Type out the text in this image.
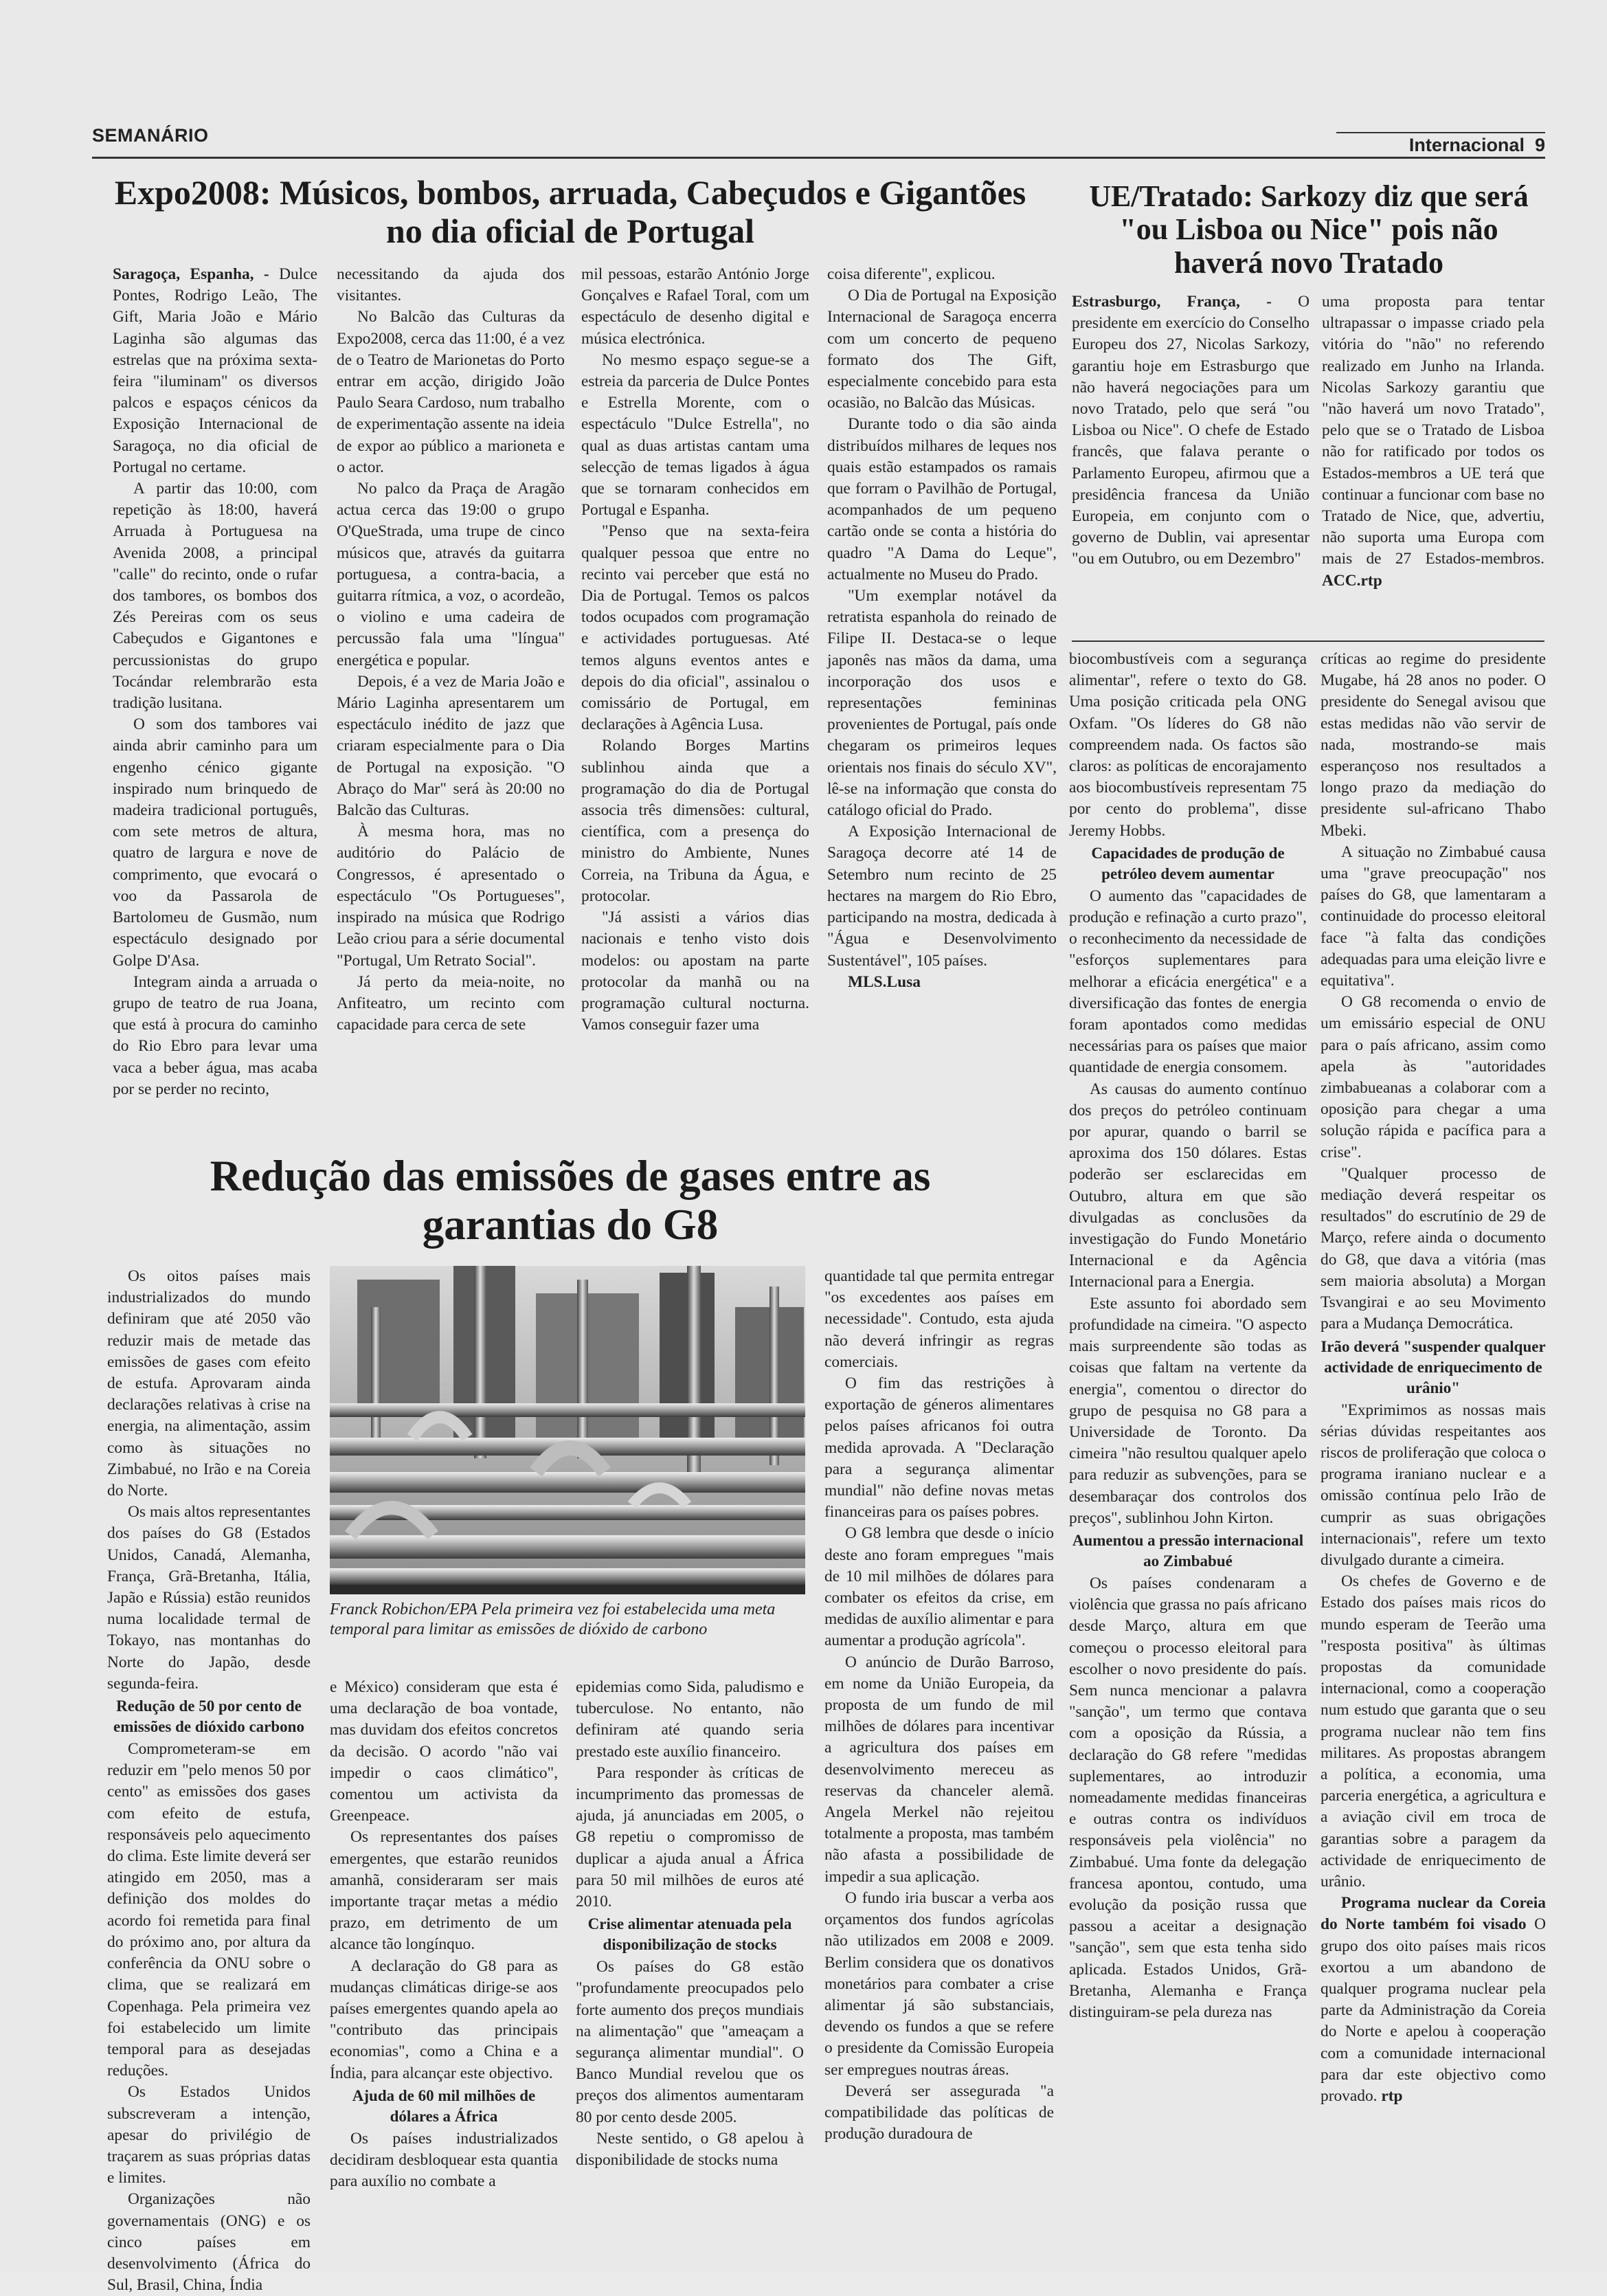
SEMANÁRIO	Internacional 9
Expo2008: Músicos, bombos, arruada, Cabeçudos e Gigantões
no dia oficial de Portugal
UE/Tratado: Sarkozy diz que será
"ou Lisboa ou Nice" pois não
haverá novo Tratado

Saragoça, Espanha, - Dulce Pontes, Rodrigo Leão, The Gift, Maria João e Mário Laginha são algumas das estrelas que na próxima sexta-feira "iluminam" os diversos palcos e espaços cénicos da Exposição Internacional de Saragoça, no dia oficial de Portugal no certame.

A partir das 10:00, com repetição às 18:00, haverá Arruada à Portuguesa na Avenida 2008, a principal "calle" do recinto, onde o rufar dos tambores, os bombos dos Zés Pereiras com os seus Cabeçudos e Gigantones e percussionistas do grupo Tocándar relembrarão esta tradição lusitana.

O som dos tambores vai ainda abrir caminho para um engenho cénico gigante inspirado num brinquedo de madeira tradicional português, com sete metros de altura, quatro de largura e nove de comprimento, que evocará o voo da Passarola de Bartolomeu de Gusmão, num espectáculo designado por Golpe D'Asa.

Integram ainda a arruada o grupo de teatro de rua Joana, que está à procura do caminho do Rio Ebro para levar uma vaca a beber água, mas acaba por se perder no recinto,

necessitando da ajuda dos visitantes.

No Balcão das Culturas da Expo2008, cerca das 11:00, é a vez de o Teatro de Marionetas do Porto entrar em acção, dirigido João Paulo Seara Cardoso, num trabalho de experimentação assente na ideia de expor ao público a marioneta e o actor.

No palco da Praça de Aragão actua cerca das 19:00 o grupo O'QueStrada, uma trupe de cinco músicos que, através da guitarra portuguesa, a contra-bacia, a guitarra rítmica, a voz, o acordeão, o violino e uma cadeira de percussão fala uma "língua" energética e popular.

Depois, é a vez de Maria João e Mário Laginha apresentarem um espectáculo inédito de jazz que criaram especialmente para o Dia de Portugal na exposição. "O Abraço do Mar" será às 20:00 no Balcão das Culturas.

À mesma hora, mas no auditório do Palácio de Congressos, é apresentado o espectáculo "Os Portugueses", inspirado na música que Rodrigo Leão criou para a série documental "Portugal, Um Retrato Social".

Já perto da meia-noite, no Anfiteatro, um recinto com capacidade para cerca de sete

mil pessoas, estarão António Jorge Gonçalves e Rafael Toral, com um espectáculo de desenho digital e música electrónica.

No mesmo espaço segue-se a estreia da parceria de Dulce Pontes e Estrella Morente, com o espectáculo "Dulce Estrella", no qual as duas artistas cantam uma selecção de temas ligados à água que se tornaram conhecidos em Portugal e Espanha.

"Penso que na sexta-feira qualquer pessoa que entre no recinto vai perceber que está no Dia de Portugal. Temos os palcos todos ocupados com programação e actividades portuguesas. Até temos alguns eventos antes e depois do dia oficial", assinalou o comissário de Portugal, em declarações à Agência Lusa.

Rolando Borges Martins sublinhou ainda que a programação do dia de Portugal associa três dimensões: cultural, científica, com a presença do ministro do Ambiente, Nunes Correia, na Tribuna da Água, e protocolar.

"Já assisti a vários dias nacionais e tenho visto dois modelos: ou apostam na parte protocolar da manhã ou na programação cultural nocturna. Vamos conseguir fazer uma

coisa diferente", explicou.

O Dia de Portugal na Exposição Internacional de Saragoça encerra com um concerto de pequeno formato dos The Gift, especialmente concebido para esta ocasião, no Balcão das Músicas.

Durante todo o dia são ainda distribuídos milhares de leques nos quais estão estampados os ramais que forram o Pavilhão de Portugal, acompanhados de um pequeno cartão onde se conta a história do quadro "A Dama do Leque", actualmente no Museu do Prado.

"Um exemplar notável da retratista espanhola do reinado de Filipe II. Destaca-se o leque japonês nas mãos da dama, uma incorporação dos usos e representações femininas provenientes de Portugal, país onde chegaram os primeiros leques orientais nos finais do século XV", lê-se na informação que consta do catálogo oficial do Prado.

A Exposição Internacional de Saragoça decorre até 14 de Setembro num recinto de 25 hectares na margem do Rio Ebro, participando na mostra, dedicada à "Água e Desenvolvimento Sustentável", 105 países.

MLS.Lusa

Estrasburgo, França, - O presidente em exercício do Conselho Europeu dos 27, Nicolas Sarkozy, garantiu hoje em Estrasburgo que não haverá negociações para um novo Tratado, pelo que será "ou Lisboa ou Nice". O chefe de Estado francês, que falava perante o Parlamento Europeu, afirmou que a presidência francesa da União Europeia, em conjunto com o governo de Dublin, vai apresentar "ou em Outubro, ou em Dezembro"

uma proposta para tentar ultrapassar o impasse criado pela vitória do "não" no referendo realizado em Junho na Irlanda. Nicolas Sarkozy garantiu que "não haverá um novo Tratado", pelo que se o Tratado de Lisboa não for ratificado por todos os Estados-membros a UE terá que continuar a funcionar com base no Tratado de Nice, que, advertiu, não suporta uma Europa com mais de 27 Estados-membros. ACC.rtp

Redução das emissões de gases entre as
garantias do G8
Franck Robichon/EPA Pela primeira vez foi estabelecida uma meta temporal para limitar as emissões de dióxido de carbono

Os oitos países mais industrializados do mundo definiram que até 2050 vão reduzir mais de metade das emissões de gases com efeito de estufa. Aprovaram ainda declarações relativas à crise na energia, na alimentação, assim como às situações no Zimbabué, no Irão e na Coreia do Norte.

Os mais altos representantes dos países do G8 (Estados Unidos, Canadá, Alemanha, França, Grã-Bretanha, Itália, Japão e Rússia) estão reunidos numa localidade termal de Tokayo, nas montanhas do Norte do Japão, desde segunda-feira.

Redução de 50 por cento de emissões de dióxido carbono

Comprometeram-se em reduzir em "pelo menos 50 por cento" as emissões dos gases com efeito de estufa, responsáveis pelo aquecimento do clima. Este limite deverá ser atingido em 2050, mas a definição dos moldes do acordo foi remetida para final do próximo ano, por altura da conferência da ONU sobre o clima, que se realizará em Copenhaga. Pela primeira vez foi estabelecido um limite temporal para as desejadas reduções.

Os Estados Unidos subscreveram a intenção, apesar do privilégio de traçarem as suas próprias datas e limites.

Organizações não governamentais (ONG) e os cinco países em desenvolvimento (África do Sul, Brasil, China, Índia

e México) consideram que esta é uma declaração de boa vontade, mas duvidam dos efeitos concretos da decisão. O acordo "não vai impedir o caos climático", comentou um activista da Greenpeace.

Os representantes dos países emergentes, que estarão reunidos amanhã, consideraram ser mais importante traçar metas a médio prazo, em detrimento de um alcance tão longínquo.

A declaração do G8 para as mudanças climáticas dirige-se aos países emergentes quando apela ao "contributo das principais economias", como a China e a Índia, para alcançar este objectivo.

Ajuda de 60 mil milhões de dólares a África

Os países industrializados decidiram desbloquear esta quantia para auxílio no combate a

epidemias como Sida, paludismo e tuberculose. No entanto, não definiram até quando seria prestado este auxílio financeiro.

Para responder às críticas de incumprimento das promessas de ajuda, já anunciadas em 2005, o G8 repetiu o compromisso de duplicar a ajuda anual a África para 50 mil milhões de euros até 2010.

Crise alimentar atenuada pela disponibilização de stocks

Os países do G8 estão "profundamente preocupados pelo forte aumento dos preços mundiais na alimentação" que "ameaçam a segurança alimentar mundial". O Banco Mundial revelou que os preços dos alimentos aumentaram 80 por cento desde 2005.

Neste sentido, o G8 apelou à disponibilidade de stocks numa

quantidade tal que permita entregar "os excedentes aos países em necessidade". Contudo, esta ajuda não deverá infringir as regras comerciais.

O fim das restrições à exportação de géneros alimentares pelos países africanos foi outra medida aprovada. A "Declaração para a segurança alimentar mundial" não define novas metas financeiras para os países pobres.

O G8 lembra que desde o início deste ano foram empregues "mais de 10 mil milhões de dólares para combater os efeitos da crise, em medidas de auxílio alimentar e para aumentar a produção agrícola".

O anúncio de Durão Barroso, em nome da União Europeia, da proposta de um fundo de mil milhões de dólares para incentivar a agricultura dos países em desenvolvimento mereceu as reservas da chanceler alemã. Angela Merkel não rejeitou totalmente a proposta, mas também não afasta a possibilidade de impedir a sua aplicação.

O fundo iria buscar a verba aos orçamentos dos fundos agrícolas não utilizados em 2008 e 2009. Berlim considera que os donativos monetários para combater a crise alimentar já são substanciais, devendo os fundos a que se refere o presidente da Comissão Europeia ser empregues noutras áreas.

Deverá ser assegurada "a compatibilidade das políticas de produção duradoura de

biocombustíveis com a segurança alimentar", refere o texto do G8. Uma posição criticada pela ONG Oxfam. "Os líderes do G8 não compreendem nada. Os factos são claros: as políticas de encorajamento aos biocombustíveis representam 75 por cento do problema", disse Jeremy Hobbs.

Capacidades de produção de petróleo devem aumentar

O aumento das "capacidades de produção e refinação a curto prazo", o reconhecimento da necessidade de "esforços suplementares para melhorar a eficácia energética" e a diversificação das fontes de energia foram apontados como medidas necessárias para os países que maior quantidade de energia consomem.

As causas do aumento contínuo dos preços do petróleo continuam por apurar, quando o barril se aproxima dos 150 dólares. Estas poderão ser esclarecidas em Outubro, altura em que são divulgadas as conclusões da investigação do Fundo Monetário Internacional e da Agência Internacional para a Energia.

Este assunto foi abordado sem profundidade na cimeira. "O aspecto mais surpreendente são todas as coisas que faltam na vertente da energia", comentou o director do grupo de pesquisa no G8 para a Universidade de Toronto. Da cimeira "não resultou qualquer apelo para reduzir as subvenções, para se desembaraçar dos controlos dos preços", sublinhou John Kirton.

Aumentou a pressão internacional ao Zimbabué

Os países condenaram a violência que grassa no país africano desde Março, altura em que começou o processo eleitoral para escolher o novo presidente do país. Sem nunca mencionar a palavra "sanção", um termo que contava com a oposição da Rússia, a declaração do G8 refere "medidas suplementares, ao introduzir nomeadamente medidas financeiras e outras contra os indivíduos responsáveis pela violência" no Zimbabué. Uma fonte da delegação francesa apontou, contudo, uma evolução da posição russa que passou a aceitar a designação "sanção", sem que esta tenha sido aplicada. Estados Unidos, Grã-Bretanha, Alemanha e França distinguiram-se pela dureza nas

críticas ao regime do presidente Mugabe, há 28 anos no poder. O presidente do Senegal avisou que estas medidas não vão servir de nada, mostrando-se mais esperançoso nos resultados a longo prazo da mediação do presidente sul-africano Thabo Mbeki.

A situação no Zimbabué causa uma "grave preocupação" nos países do G8, que lamentaram a continuidade do processo eleitoral face "à falta das condições adequadas para uma eleição livre e equitativa".

O G8 recomenda o envio de um emissário especial de ONU para o país africano, assim como apela às "autoridades zimbabueanas a colaborar com a oposição para chegar a uma solução rápida e pacífica para a crise".

"Qualquer processo de mediação deverá respeitar os resultados" do escrutínio de 29 de Março, refere ainda o documento do G8, que dava a vitória (mas sem maioria absoluta) a Morgan Tsvangirai e ao seu Movimento para a Mudança Democrática.

Irão deverá "suspender qualquer actividade de enriquecimento de urânio"

"Exprimimos as nossas mais sérias dúvidas respeitantes aos riscos de proliferação que coloca o programa iraniano nuclear e a omissão contínua pelo Irão de cumprir as suas obrigações internacionais", refere um texto divulgado durante a cimeira.

Os chefes de Governo e de Estado dos países mais ricos do mundo esperam de Teerão uma "resposta positiva" às últimas propostas da comunidade internacional, como a cooperação num estudo que garanta que o seu programa nuclear não tem fins militares. As propostas abrangem a política, a economia, uma parceria energética, a agricultura e a aviação civil em troca de garantias sobre a paragem da actividade de enriquecimento de urânio.

Programa nuclear da Coreia do Norte também foi visado O grupo dos oito países mais ricos exortou a um abandono de qualquer programa nuclear pela parte da Administração da Coreia do Norte e apelou à cooperação com a comunidade internacional para dar este objectivo como provado. rtp
